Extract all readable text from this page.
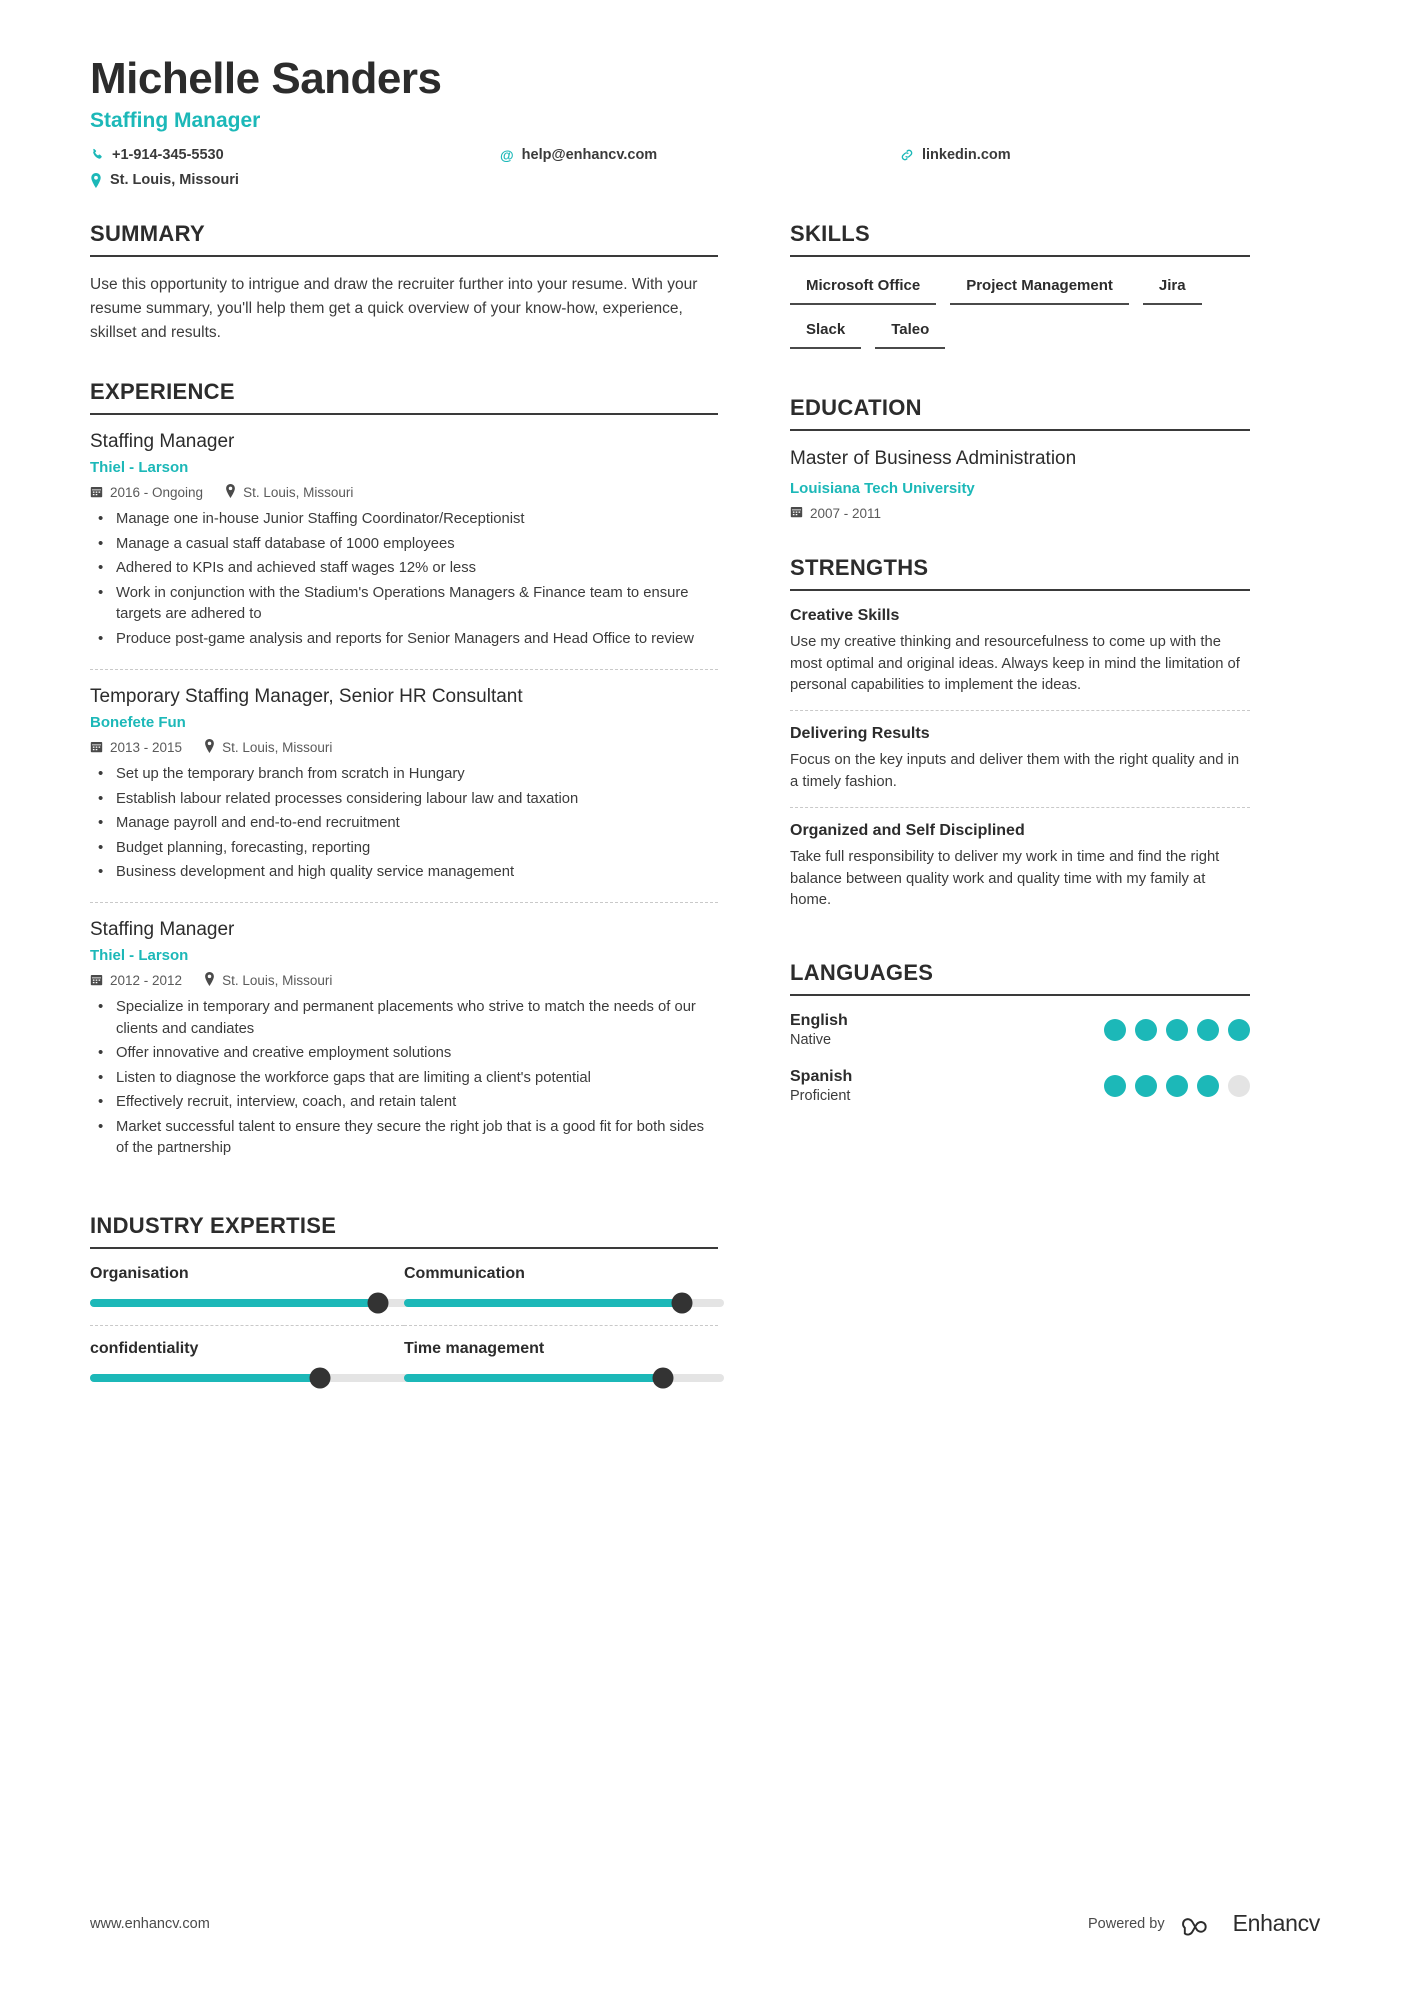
Michelle Sanders
Staffing Manager
+1-914-345-5530	@ help@enhancv.com	linkedin.com
St. Louis, Missouri
SUMMARY
Use this opportunity to intrigue and draw the recruiter further into your resume. With your resume summary, you'll help them get a quick overview of your know-how, experience, skillset and results.
EXPERIENCE
Staffing Manager
Thiel - Larson
2016 - Ongoing	St. Louis, Missouri
• Manage one in-house Junior Staffing Coordinator/Receptionist
• Manage a casual staff database of 1000 employees
• Adhered to KPIs and achieved staff wages 12% or less
• Work in conjunction with the Stadium's Operations Managers & Finance team to ensure targets are adhered to
• Produce post-game analysis and reports for Senior Managers and Head Office to review
Temporary Staffing Manager, Senior HR Consultant
Bonefete Fun
2013 - 2015	St. Louis, Missouri
• Set up the temporary branch from scratch in Hungary
• Establish labour related processes considering labour law and taxation
• Manage payroll and end-to-end recruitment
• Budget planning, forecasting, reporting
• Business development and high quality service management
Staffing Manager
Thiel - Larson
2012 - 2012	St. Louis, Missouri
• Specialize in temporary and permanent placements who strive to match the needs of our clients and candiates
• Offer innovative and creative employment solutions
• Listen to diagnose the workforce gaps that are limiting a client's potential
• Effectively recruit, interview, coach, and retain talent
• Market successful talent to ensure they secure the right job that is a good fit for both sides of the partnership
INDUSTRY EXPERTISE
Organisation	Communication
confidentiality	Time management
SKILLS
Microsoft Office	Project Management	Jira
Slack	Taleo
EDUCATION
Master of Business Administration
Louisiana Tech University
2007 - 2011
STRENGTHS
Creative Skills
Use my creative thinking and resourcefulness to come up with the most optimal and original ideas. Always keep in mind the limitation of personal capabilities to implement the ideas.
Delivering Results
Focus on the key inputs and deliver them with the right quality and in a timely fashion.
Organized and Self Disciplined
Take full responsibility to deliver my work in time and find the right balance between quality work and quality time with my family at home.
LANGUAGES
English
Native
Spanish
Proficient
www.enhancv.com	Powered by	Enhancv
